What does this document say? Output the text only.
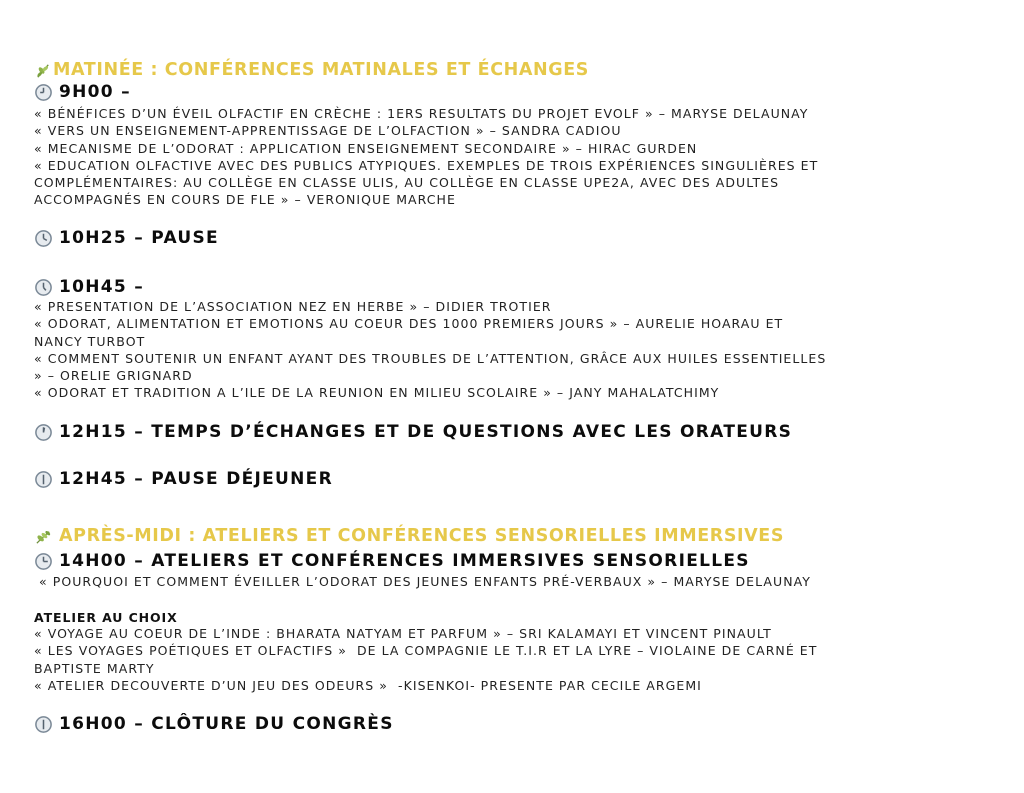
MATINÉE : CONFÉRENCES MATINALES ET ÉCHANGES
9H00 –
« BÉNÉFICES D’UN ÉVEIL OLFACTIF EN CRÈCHE : 1ERS RESULTATS DU PROJET EVOLF » – MARYSE DELAUNAY
« VERS UN ENSEIGNEMENT-APPRENTISSAGE DE L’OLFACTION » – SANDRA CADIOU
« MECANISME DE L’ODORAT : APPLICATION ENSEIGNEMENT SECONDAIRE » – HIRAC GURDEN
« EDUCATION OLFACTIVE AVEC DES PUBLICS ATYPIQUES. EXEMPLES DE TROIS EXPÉRIENCES SINGULIÈRES ET
COMPLÉMENTAIRES: AU COLLÈGE EN CLASSE ULIS, AU COLLÈGE EN CLASSE UPE2A, AVEC DES ADULTES
ACCOMPAGNÉS EN COURS DE FLE » – VERONIQUE MARCHE
10H25 – PAUSE
10H45 –
« PRESENTATION DE L’ASSOCIATION NEZ EN HERBE » – DIDIER TROTIER
« ODORAT, ALIMENTATION ET EMOTIONS AU COEUR DES 1000 PREMIERS JOURS » – AURELIE HOARAU ET
NANCY TURBOT
« COMMENT SOUTENIR UN ENFANT AYANT DES TROUBLES DE L’ATTENTION, GRÂCE AUX HUILES ESSENTIELLES
» – ORELIE GRIGNARD
« ODORAT ET TRADITION A L’ILE DE LA REUNION EN MILIEU SCOLAIRE » – JANY MAHALATCHIMY
12H15 – TEMPS D’ÉCHANGES ET DE QUESTIONS AVEC LES ORATEURS
12H45 – PAUSE DÉJEUNER
APRÈS-MIDI : ATELIERS ET CONFÉRENCES SENSORIELLES IMMERSIVES
14H00 – ATELIERS ET CONFÉRENCES IMMERSIVES SENSORIELLES
« POURQUOI ET COMMENT ÉVEILLER L’ODORAT DES JEUNES ENFANTS PRÉ-VERBAUX » – MARYSE DELAUNAY
ATELIER AU CHOIX
« VOYAGE AU COEUR DE L’INDE : BHARATA NATYAM ET PARFUM » – SRI KALAMAYI ET VINCENT PINAULT
« LES VOYAGES POÉTIQUES ET OLFACTIFS »  DE LA COMPAGNIE LE T.I.R ET LA LYRE – VIOLAINE DE CARNÉ ET
BAPTISTE MARTY
« ATELIER DECOUVERTE D’UN JEU DES ODEURS »  -KISENKOI- PRESENTE PAR CECILE ARGEMI
16H00 – CLÔTURE DU CONGRÈS
